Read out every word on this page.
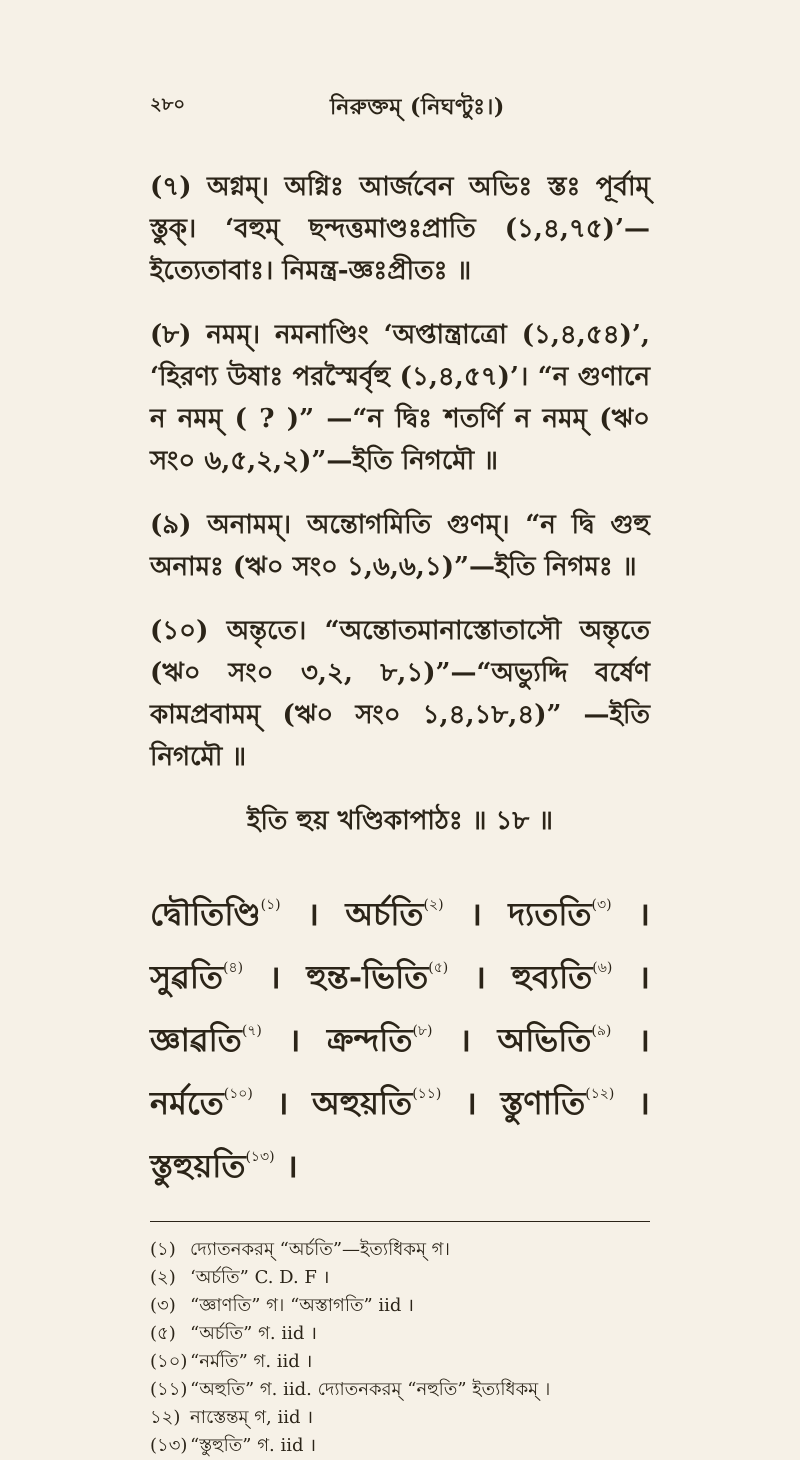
২৮০	নিরুক্তম্ (নিঘণ্টুঃ।)

(৭) অগ্নম্। অগ্নিঃ আর্জবেন অভিঃ স্তঃ পূর্বাম্ স্তুক্। ‘বহুম্ ছন্দত্তমাণ্ডঃপ্রাতি (১,৪,৭৫)’—ইত্যেতাবাঃ। নিমন্ত্র-জ্ঞঃপ্রীতঃ ॥

(৮) নমম্। নমনাণ্ডিং ‘অপ্তান্ত্রাত্রো (১,৪,৫৪)’, ‘হিরণ্য উষাঃ পরস্মৈর্বৃহু (১,৪,৫৭)’। “ন গুণানে ন নমম্ ( ? )” —“ন দ্বিঃ শতৰ্ণি ন নমম্ (ঋ০ সং০ ৬,৫,২,২)”—ইতি নিগমৌ ॥

(৯) অনামম্। অন্তোগমিতি গুণম্। “ন দ্বি গুহু অনামঃ (ঋ০ সং০ ১,৬,৬,১)”—ইতি নিগমঃ ॥

(১০) অন্তৃতে। “অন্তোতমানাস্তোতাসৌ অন্তৃতে (ঋ০ সং০ ৩,২, ৮,১)”—“অভ্যুদ্দি বর্ষেণ কামপ্রবামম্ (ঋ০ সং০ ১,৪,১৮,৪)” —ইতি নিগমৌ ॥

ইতি হুয় খণ্ডিকাপাঠঃ ॥ ১৮ ॥

দ্বৌতিণ্ডি$^{(১)}$ । অর্চতি$^{(২)}$ । দ্যততি$^{(৩)}$ । সুৱতি$^{(৪)}$ । হুন্ত-ভিতি$^{(৫)}$ । হুব্যতি$^{(৬)}$ । জ্ঞাৱতি$^{(৭)}$ । ক্রন্দতি$^{(৮)}$ । অভিতি$^{(৯)}$ । নৰ্মতে$^{(১০)}$ । অহুয়তি$^{(১১)}$ । স্তুণাতি$^{(১২)}$ । স্তুহুয়তি$^{(১৩)}$ ।
(১) দ্যোতনকরম্ “অর্চতি”—ইত্যধিকম্ গ।
(২) ‘অর্চতি” C. D. F ।
(৩) “জ্ঞাণতি” গ। “অস্তাগতি” iid ।
(৫) “অৰ্চতি” গ. iid ।
(১০) “নৰ্মতি” গ. iid ।
(১১) “অহুতি” গ. iid. দ্যোতনকরম্ “নহুতি” ইত্যধিকম্ ।
১২) নাস্তেন্তম্ গ, iid ।
(১৩) “স্তুহুতি” গ. iid ।
